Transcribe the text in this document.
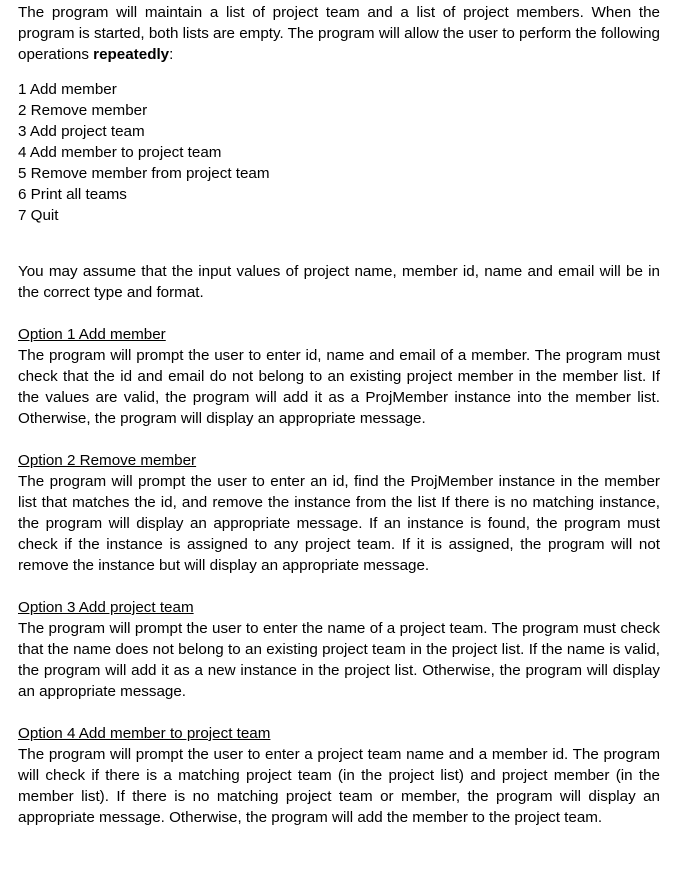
The program will maintain a list of project team and a list of project members. When the program is started, both lists are empty. The program will allow the user to perform the following operations repeatedly:

1 Add member
2 Remove member
3 Add project team
4 Add member to project team
5 Remove member from project team
6 Print all teams
7 Quit

You may assume that the input values of project name, member id, name and email will be in the correct type and format.

Option 1 Add member

The program will prompt the user to enter id, name and email of a member. The program must check that the id and email do not belong to an existing project member in the member list. If the values are valid, the program will add it as a ProjMember instance into the member list. Otherwise, the program will display an appropriate message.

Option 2 Remove member

The program will prompt the user to enter an id, find the ProjMember instance in the member list that matches the id, and remove the instance from the list If there is no matching instance, the program will display an appropriate message. If an instance is found, the program must check if the instance is assigned to any project team. If it is assigned, the program will not remove the instance but will display an appropriate message.

Option 3 Add project team

The program will prompt the user to enter the name of a project team. The program must check that the name does not belong to an existing project team in the project list. If the name is valid, the program will add it as a new instance in the project list. Otherwise, the program will display an appropriate message.

Option 4 Add member to project team

The program will prompt the user to enter a project team name and a member id. The program will check if there is a matching project team (in the project list) and project member (in the member list). If there is no matching project team or member, the program will display an appropriate message. Otherwise, the program will add the member to the project team.
